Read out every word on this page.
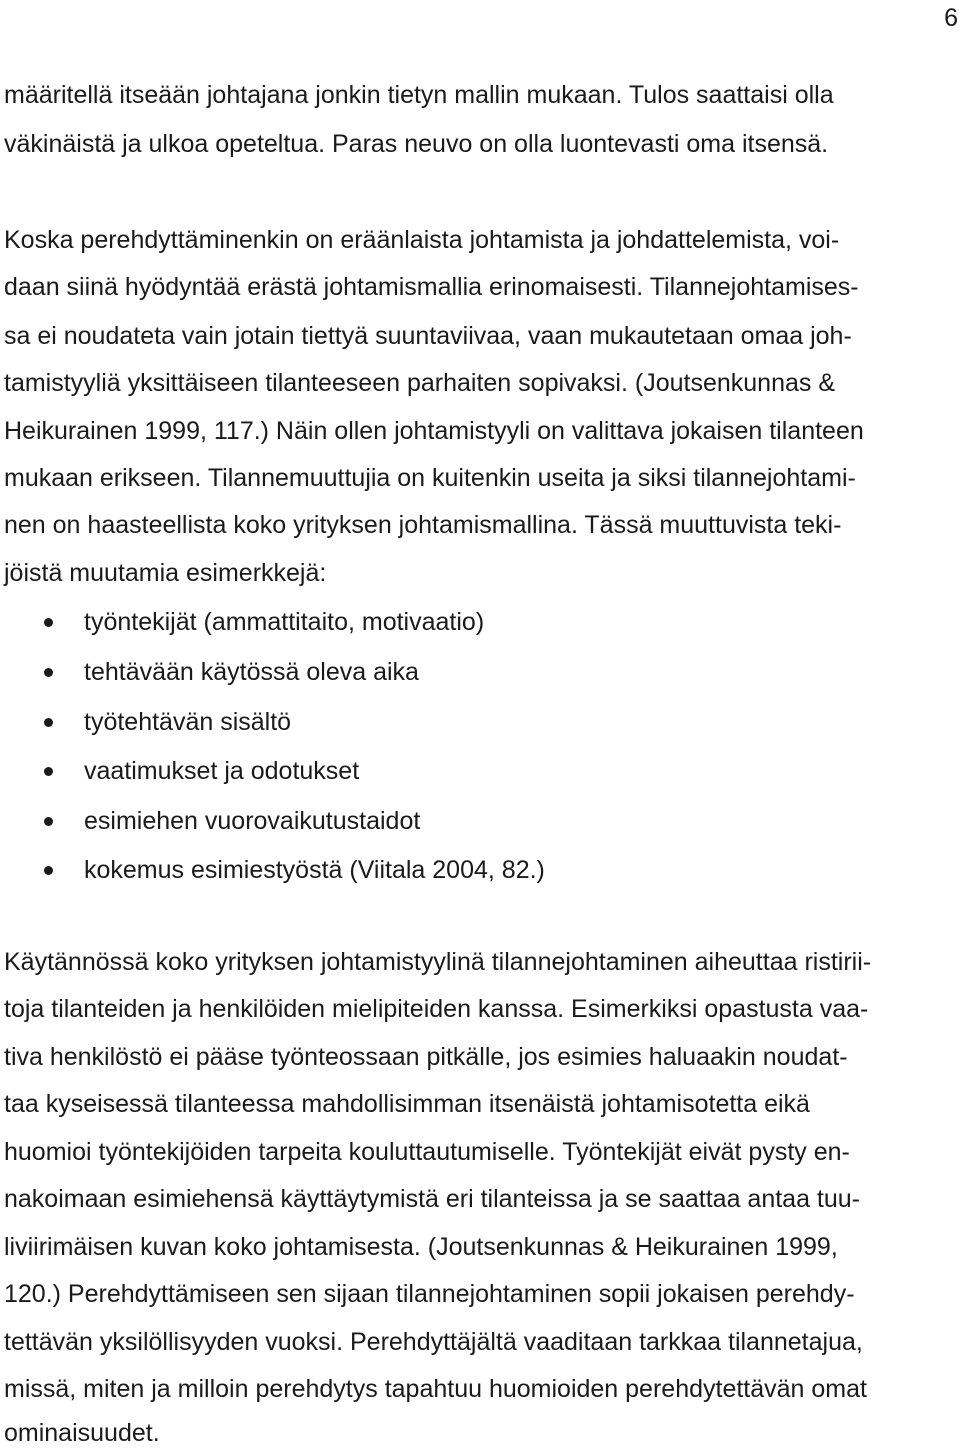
6
määritellä itseään johtajana jonkin tietyn mallin mukaan. Tulos saattaisi olla
väkinäistä ja ulkoa opeteltua. Paras neuvo on olla luontevasti oma itsensä.
Koska perehdyttäminenkin on eräänlaista johtamista ja johdattelemista, voi-
daan siinä hyödyntää erästä johtamismallia erinomaisesti. Tilannejohtamises-
sa ei noudateta vain jotain tiettyä suuntaviivaa, vaan mukautetaan omaa joh-
tamistyyliä yksittäiseen tilanteeseen parhaiten sopivaksi. (Joutsenkunnas &
Heikurainen 1999, 117.) Näin ollen johtamistyyli on valittava jokaisen tilanteen
mukaan erikseen. Tilannemuuttujia on kuitenkin useita ja siksi tilannejohtami-
nen on haasteellista koko yrityksen johtamismallina. Tässä muuttuvista teki-
jöistä muutamia esimerkkejä:
työntekijät (ammattitaito, motivaatio)
tehtävään käytössä oleva aika
työtehtävän sisältö
vaatimukset ja odotukset
esimiehen vuorovaikutustaidot
kokemus esimiestyöstä (Viitala 2004, 82.)
Käytännössä koko yrityksen johtamistyylinä tilannejohtaminen aiheuttaa ristirii-
toja tilanteiden ja henkilöiden mielipiteiden kanssa. Esimerkiksi opastusta vaa-
tiva henkilöstö ei pääse työnteossaan pitkälle, jos esimies haluaakin noudat-
taa kyseisessä tilanteessa mahdollisimman itsenäistä johtamisotetta eikä
huomioi työntekijöiden tarpeita kouluttautumiselle. Työntekijät eivät pysty en-
nakoimaan esimiehensä käyttäytymistä eri tilanteissa ja se saattaa antaa tuu-
liviirimäisen kuvan koko johtamisesta. (Joutsenkunnas & Heikurainen 1999,
120.) Perehdyttämiseen sen sijaan tilannejohtaminen sopii jokaisen perehdy-
tettävän yksilöllisyyden vuoksi. Perehdyttäjältä vaaditaan tarkkaa tilannetajua,
missä, miten ja milloin perehdytys tapahtuu huomioiden perehdytettävän omat
ominaisuudet.
